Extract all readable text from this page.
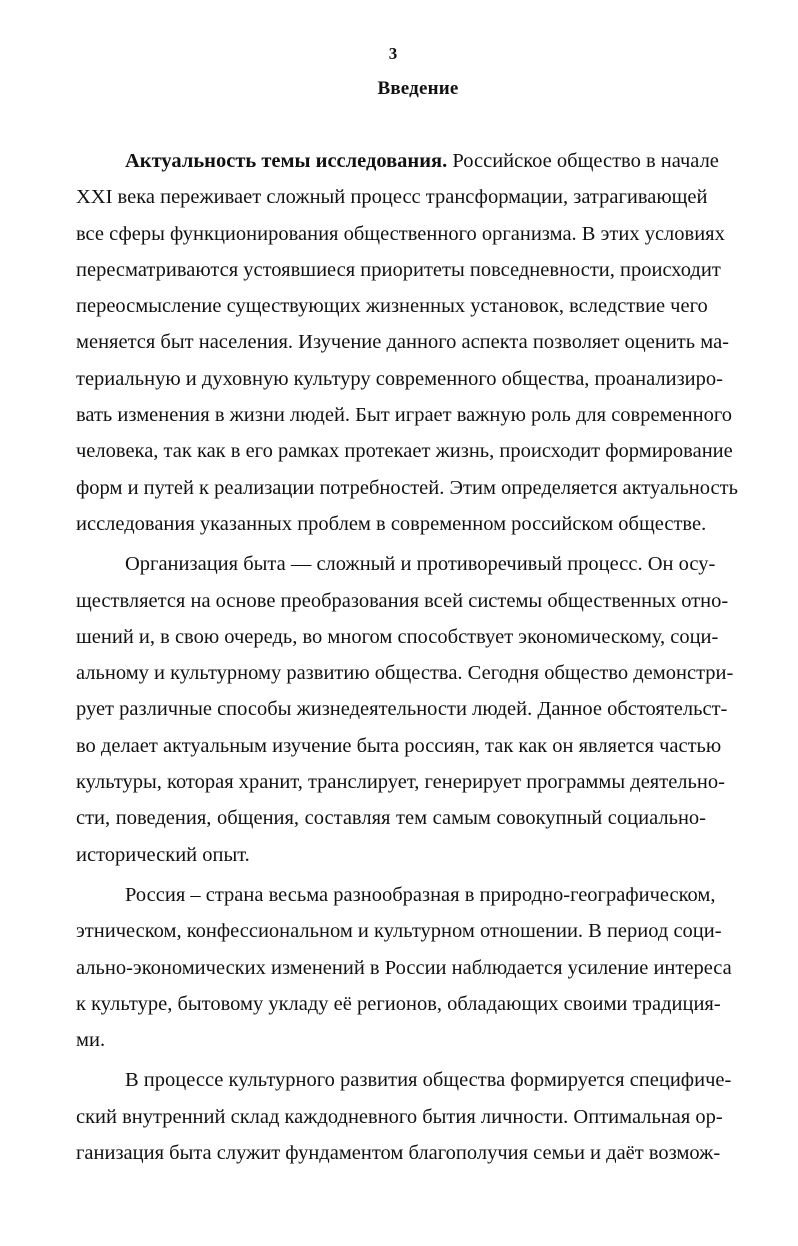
3
Введение
Актуальность темы исследования. Российское общество в начале
XXI века переживает сложный процесс трансформации, затрагивающей
все сферы функционирования общественного организма. В этих условиях
пересматриваются устоявшиеся приоритеты повседневности, происходит
переосмысление существующих жизненных установок, вследствие чего
меняется быт населения. Изучение данного аспекта позволяет оценить ма-
териальную и духовную культуру современного общества, проанализиро-
вать изменения в жизни людей. Быт играет важную роль для современного
человека, так как в его рамках протекает жизнь, происходит формирование
форм и путей к реализации потребностей. Этим определяется актуальность
исследования указанных проблем в современном российском обществе.
Организация быта — сложный и противоречивый процесс. Он осу-
ществляется на основе преобразования всей системы общественных отно-
шений и, в свою очередь, во многом способствует экономическому, соци-
альному и культурному развитию общества. Сегодня общество демонстри-
рует различные способы жизнедеятельности людей. Данное обстоятельст-
во делает актуальным изучение быта россиян, так как он является частью
культуры, которая хранит, транслирует, генерирует программы деятельно-
сти, поведения, общения, составляя тем самым совокупный социально-
исторический опыт.
Россия – страна весьма разнообразная в природно-географическом,
этническом, конфессиональном и культурном отношении. В период соци-
ально-экономических изменений в России наблюдается усиление интереса
к культуре, бытовому укладу её регионов, обладающих своими традиция-
ми.
В процессе культурного развития общества формируется специфиче-
ский внутренний склад каждодневного бытия личности. Оптимальная ор-
ганизация быта служит фундаментом благополучия семьи и даёт возмож-
